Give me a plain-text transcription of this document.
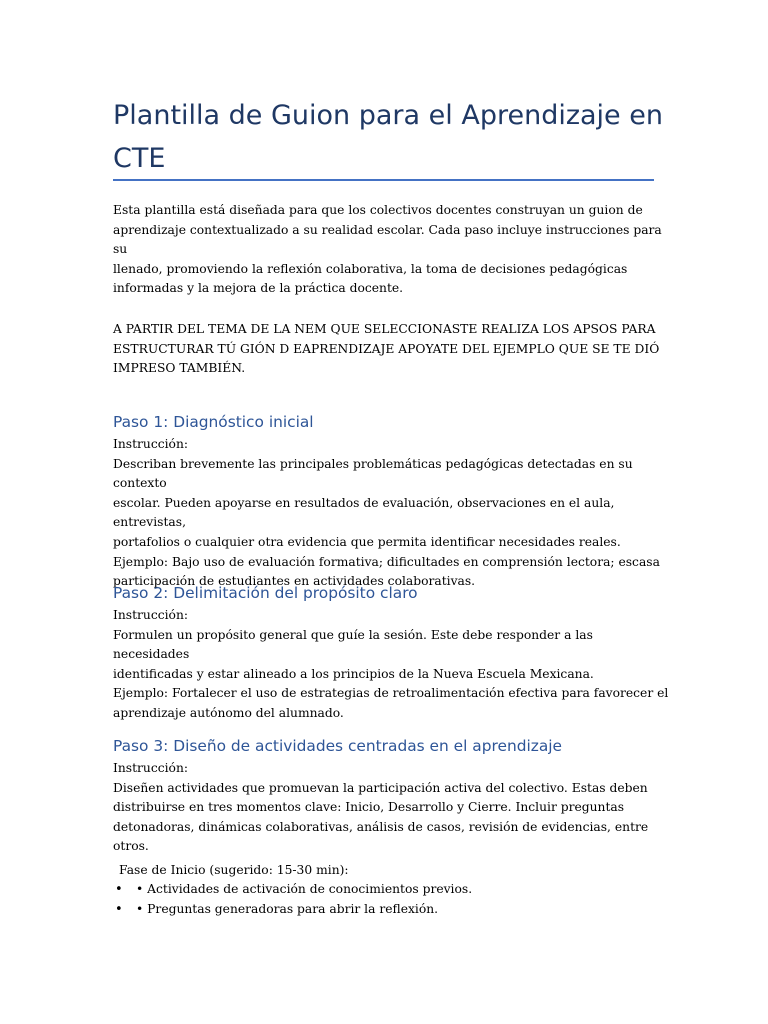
Plantilla de Guion para el Aprendizaje en CTE

Esta plantilla está diseñada para que los colectivos docentes construyan un guion de
aprendizaje contextualizado a su realidad escolar. Cada paso incluye instrucciones para su
llenado, promoviendo la reflexión colaborativa, la toma de decisiones pedagógicas
informadas y la mejora de la práctica docente.

A PARTIR DEL TEMA DE LA NEM QUE SELECCIONASTE REALIZA LOS APSOS PARA
ESTRUCTURAR TÚ GIÓN D EAPRENDIZAJE APOYATE DEL EJEMPLO QUE SE TE DIÓ
IMPRESO TAMBIÉN.

Paso 1: Diagnóstico inicial

Instrucción:
Describan brevemente las principales problemáticas pedagógicas detectadas en su contexto
escolar. Pueden apoyarse en resultados de evaluación, observaciones en el aula, entrevistas,
portafolios o cualquier otra evidencia que permita identificar necesidades reales.
Ejemplo: Bajo uso de evaluación formativa; dificultades en comprensión lectora; escasa
participación de estudiantes en actividades colaborativas.

Paso 2: Delimitación del propósito claro

Instrucción:
Formulen un propósito general que guíe la sesión. Este debe responder a las necesidades
identificadas y estar alineado a los principios de la Nueva Escuela Mexicana.
Ejemplo: Fortalecer el uso de estrategias de retroalimentación efectiva para favorecer el
aprendizaje autónomo del alumnado.

Paso 3: Diseño de actividades centradas en el aprendizaje

Instrucción:
Diseñen actividades que promuevan la participación activa del colectivo. Estas deben
distribuirse en tres momentos clave: Inicio, Desarrollo y Cierre. Incluir preguntas
detonadoras, dinámicas colaborativas, análisis de casos, revisión de evidencias, entre otros.

Fase de Inicio (sugerido: 15-30 min):

• • Actividades de activación de conocimientos previos.
• • Preguntas generadoras para abrir la reflexión.
